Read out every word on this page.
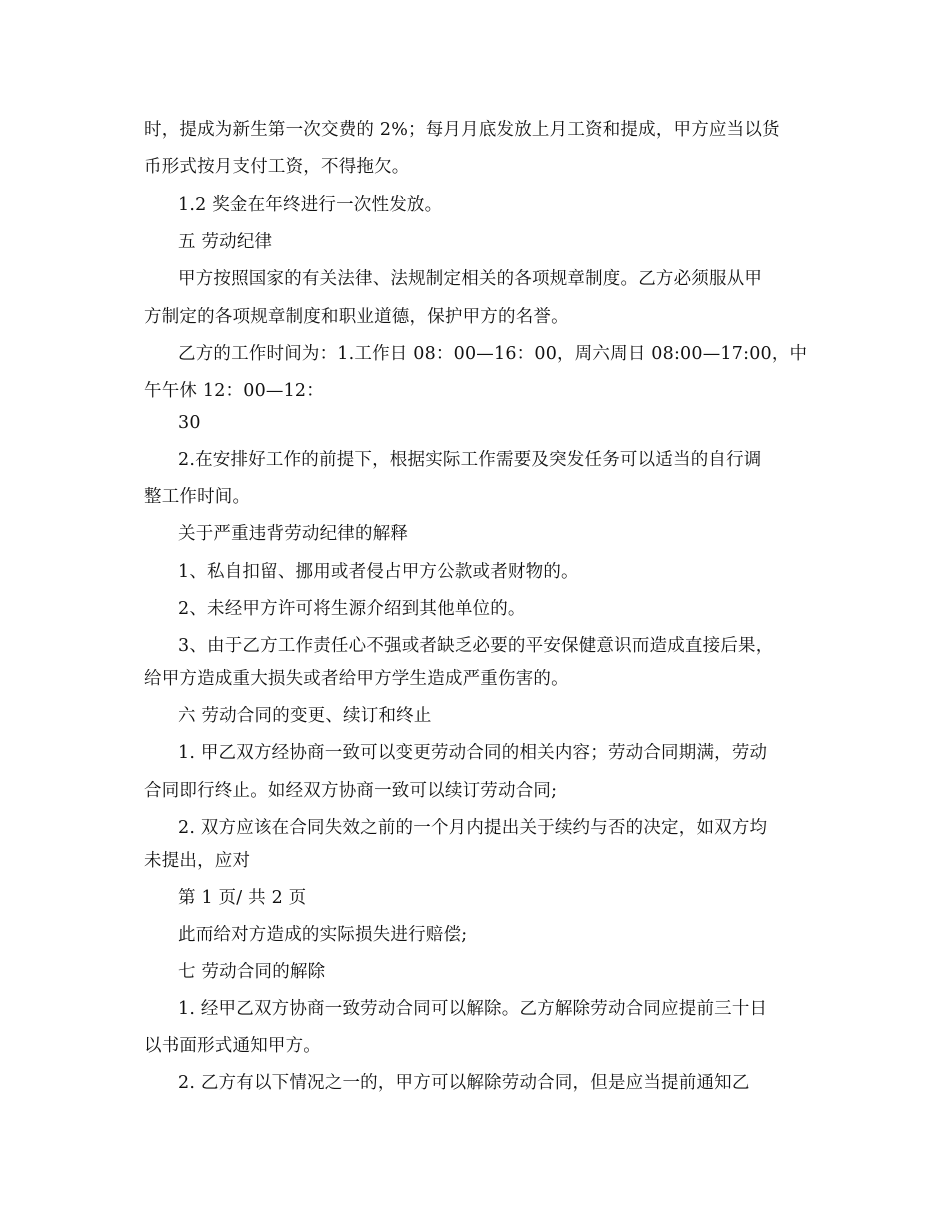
时，提成为新生第一次交费的 2%；每月月底发放上月工资和提成，甲方应当以货
币形式按月支付工资，不得拖欠。
1.2 奖金在年终进行一次性发放。
五 劳动纪律
甲方按照国家的有关法律、法规制定相关的各项规章制度。乙方必须服从甲
方制定的各项规章制度和职业道德，保护甲方的名誉。
乙方的工作时间为：1.工作日 08：00—16：00，周六周日 08:00—17:00，中
午午休 12：00—12：
30
2.在安排好工作的前提下，根据实际工作需要及突发任务可以适当的自行调
整工作时间。
关于严重违背劳动纪律的解释
1、私自扣留、挪用或者侵占甲方公款或者财物的。
2、未经甲方许可将生源介绍到其他单位的。
3、由于乙方工作责任心不强或者缺乏必要的平安保健意识而造成直接后果，
给甲方造成重大损失或者给甲方学生造成严重伤害的。
六 劳动合同的变更、续订和终止
1. 甲乙双方经协商一致可以变更劳动合同的相关内容；劳动合同期满，劳动
合同即行终止。如经双方协商一致可以续订劳动合同;
2. 双方应该在合同失效之前的一个月内提出关于续约与否的决定，如双方均
未提出，应对
第 1 页/ 共 2 页
此而给对方造成的实际损失进行赔偿;
七 劳动合同的解除
1. 经甲乙双方协商一致劳动合同可以解除。乙方解除劳动合同应提前三十日
以书面形式通知甲方。
2. 乙方有以下情况之一的，甲方可以解除劳动合同，但是应当提前通知乙
